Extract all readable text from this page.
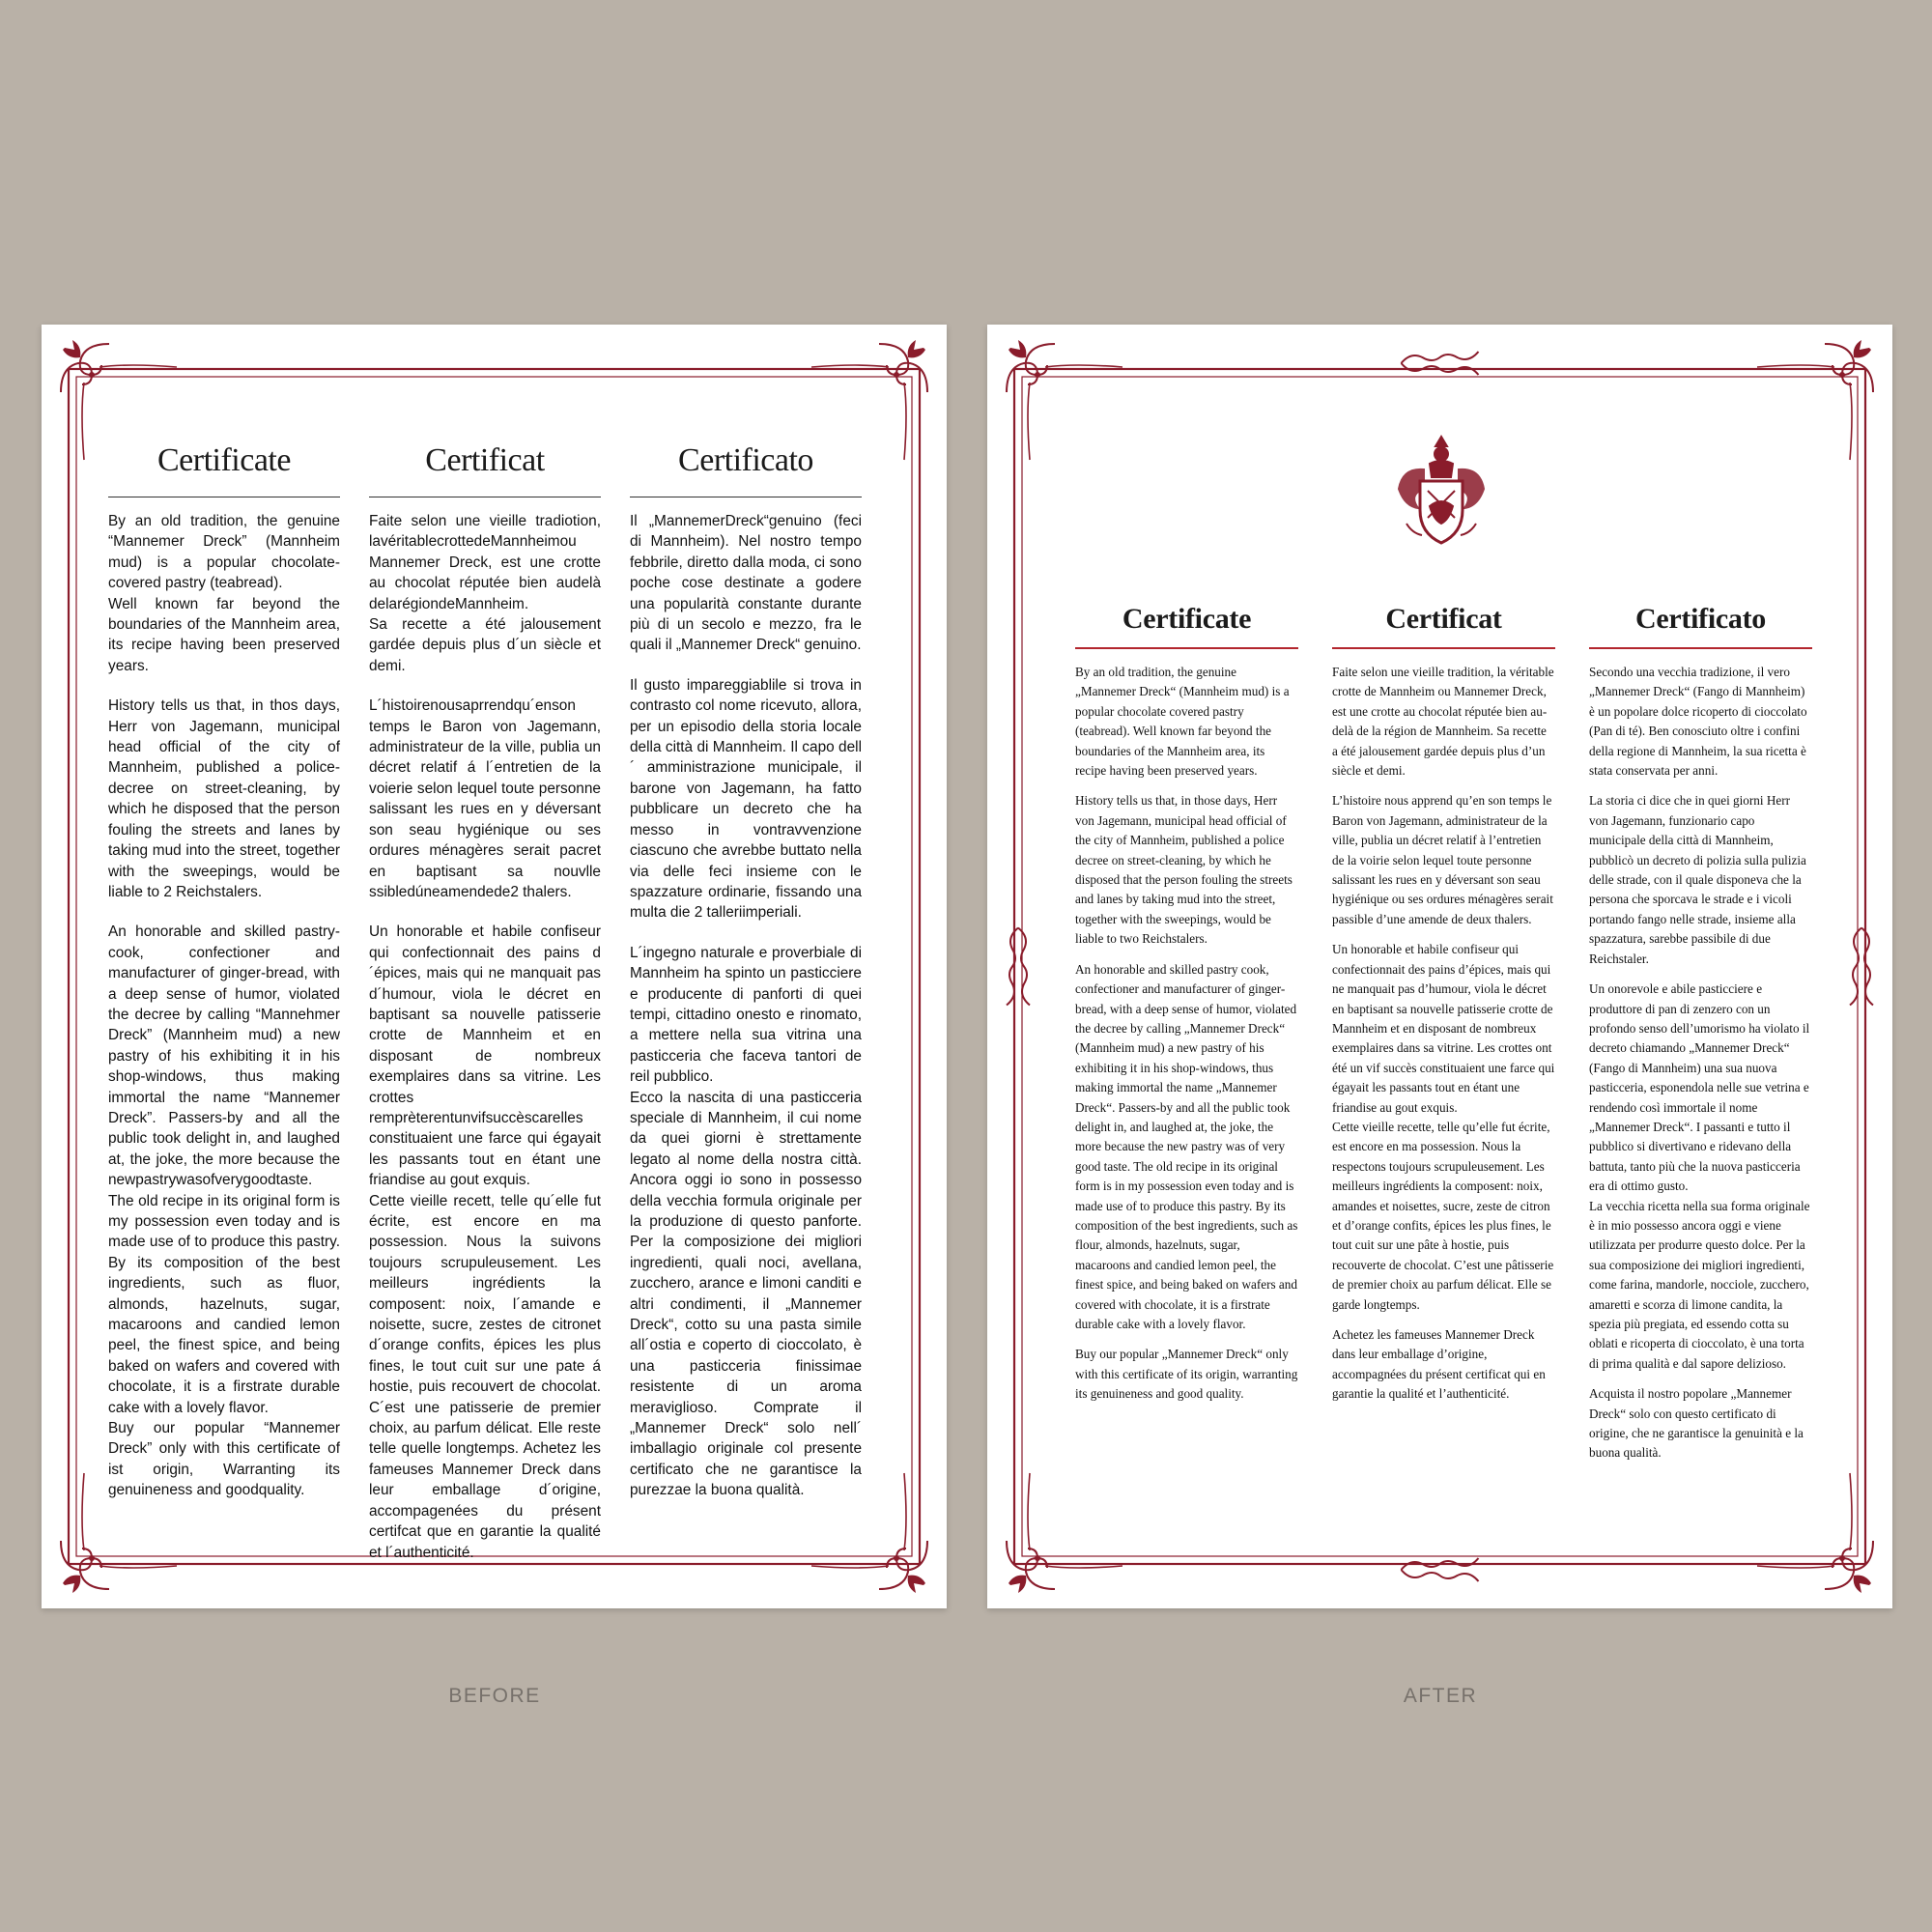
Certificate

By an old tradition, the genuine “Mannemer Dreck” (Mannheim mud) is a popular chocolate-covered pastry (teabread).
Well known far beyond the boundaries of the Mannheim area, its recipe having been preserved years.

History tells us that, in thos days, Herr von Jagemann, municipal head official of the city of Mannheim, published a police-decree on street-cleaning, by which he disposed that the person fouling the streets and lanes by taking mud into the street, together with the sweepings, would be liable to 2 Reichstalers.

An honorable and skilled pastry-cook, confectioner and manufacturer of ginger-bread, with a deep sense of humor, violated the decree by calling “Mannehmer Dreck” (Mannheim mud) a new pastry of his exhibiting it in his shop-windows, thus making immortal the name “Mannemer Dreck”. Passers-by and all the public took delight in, and laughed at, the joke, the more because the newpastrywasofverygoodtaste.
The old recipe in its original form is my possession even today and is made use of to produce this pastry. By its composition of the best ingredients, such as fluor, almonds, hazelnuts, sugar, macaroons and candied lemon peel, the finest spice, and being baked on wafers and covered with chocolate, it is a firstrate durable cake with a lovely flavor.
Buy our popular “Mannemer Dreck” only with this certificate of ist origin, Warranting its genuineness and goodquality.

Certificat

Faite selon une vieille tradiotion, lavéritablecrottedeMannheimou Mannemer Dreck, est une crotte au chocolat réputée bien audelà delarégiondeMannheim.
Sa recette a été jalousement gardée depuis plus d´un siècle et demi.

L´histoirenousaprrendqu´enson temps le Baron von Jagemann, administrateur de la ville, publia un décret relatif á l´entretien de la voierie selon lequel toute personne salissant les rues en y déversant son seau hygiénique ou ses ordures ménagères serait pacret en baptisant sa nouvlle ssibledúneamendede2 thalers.

Un honorable et habile confiseur qui confectionnait des pains d´épices, mais qui ne manquait pas d´humour, viola le décret en baptisant sa nouvelle patisserie crotte de Mannheim et en disposant de nombreux exemplaires dans sa vitrine. Les crottes remprèterentunvifsuccèscarelles constituaient une farce qui égayait les passants tout en étant une friandise au gout exquis.
Cette vieille recett, telle qu´elle fut écrite, est encore en ma possession. Nous la suivons toujours scrupuleusement. Les meilleurs ingrédients la composent: noix, l´amande e noisette, sucre, zestes de citronet d´orange confits, épices les plus fines, le tout cuit sur une pate á hostie, puis recouvert de chocolat. C´est une patisserie de premier choix, au parfum délicat. Elle reste telle quelle longtemps. Achetez les fameuses Mannemer Dreck dans leur emballage d´origine, accompagenées du présent certifcat que en garantie la qualité et l´authenticité.

Certificato

Il „MannemerDreck“genuino (feci di Mannheim). Nel nostro tempo febbrile, diretto dalla moda, ci sono poche cose destinate a godere una popularità constante durante più di un secolo e mezzo, fra le quali il „Mannemer Dreck“ genuino.

Il gusto impareggiablile si trova in contrasto col nome ricevuto, allora, per un episodio della storia locale della città di Mannheim. Il capo dell´ amministrazione municipale, il barone von Jagemann, ha fatto pubblicare un decreto che ha messo in vontravvenzione ciascuno che avrebbe buttato nella via delle feci insieme con le spazzature ordinarie, fissando una multa die 2 talleriimperiali.

L´ingegno naturale e proverbiale di Mannheim ha spinto un pasticciere e producente di panforti di quei tempi, cittadino onesto e rinomato, a mettere nella sua vitrina una pasticceria che faceva tantori de reil pubblico.
Ecco la nascita di una pasticceria speciale di Mannheim, il cui nome da quei giorni è strettamente legato al nome della nostra città. Ancora oggi io sono in possesso della vecchia formula originale per la produzione di questo panforte. Per la composizione dei migliori ingredienti, quali noci, avellana, zucchero, arance e limoni canditi e altri condimenti, il „Mannemer Dreck“, cotto su una pasta simile all´ostia e coperto di cioccolato, è una pasticceria finissimae resistente di un aroma meraviglioso. Comprate il „Mannemer Dreck“ solo nell´ imballagio originale col presente certificato che ne garantisce la purezzae la buona qualità.

Certificate

By an old tradition, the genuine „Mannemer Dreck“ (Mannheim mud) is a popular chocolate covered pastry (teabread). Well known far beyond the boundaries of the Mannheim area, its recipe having been preserved years.

History tells us that, in those days, Herr von Jagemann, municipal head official of the city of Mannheim, published a police decree on street-cleaning, by which he disposed that the person fouling the streets and lanes by taking mud into the street, together with the sweepings, would be liable to two Reichstalers.

An honorable and skilled pastry cook, confectioner and manufacturer of ginger-bread, with a deep sense of humor, violated the decree by calling „Mannemer Dreck“ (Mannheim mud) a new pastry of his exhibiting it in his shop-windows, thus making immortal the name „Mannemer Dreck“. Passers-by and all the public took delight in, and laughed at, the joke, the more because the new pastry was of very good taste. The old recipe in its original form is in my possession even today and is made use of to produce this pastry. By its composition of the best ingredients, such as flour, almonds, hazelnuts, sugar, macaroons and candied lemon peel, the finest spice, and being baked on wafers and covered with chocolate, it is a firstrate durable cake with a lovely flavor.

Buy our popular „Mannemer Dreck“ only with this certificate of its origin, warranting its genuineness and good quality.

Certificat

Faite selon une vieille tradition, la véritable crotte de Mannheim ou Mannemer Dreck, est une crotte au chocolat réputée bien au-delà de la région de Mannheim. Sa recette a été jalousement gardée depuis plus d’un siècle et demi.

L’histoire nous apprend qu’en son temps le Baron von Jagemann, administrateur de la ville, publia un décret relatif à l’entretien de la voirie selon lequel toute personne salissant les rues en y déversant son seau hygiénique ou ses ordures ménagères serait passible d’une amende de deux thalers.

Un honorable et habile confiseur qui confectionnait des pains d’épices, mais qui ne manquait pas d’humour, viola le décret en baptisant sa nouvelle patisserie crotte de Mannheim et en disposant de nombreux exemplaires dans sa vitrine. Les crottes ont été un vif succès constituaient une farce qui égayait les passants tout en étant une friandise au gout exquis.
Cette vieille recette, telle qu’elle fut écrite, est encore en ma possession. Nous la respectons toujours scrupuleusement. Les meilleurs ingrédients la composent: noix, amandes et noisettes, sucre, zeste de citron et d’orange confits, épices les plus fines, le tout cuit sur une pâte à hostie, puis recouverte de chocolat. C’est une pâtisserie de premier choix au parfum délicat. Elle se garde longtemps.

Achetez les fameuses Mannemer Dreck dans leur emballage d’origine, accompagnées du présent certificat qui en garantie la qualité et l’authenticité.

Certificato

Secondo una vecchia tradizione, il vero „Mannemer Dreck“ (Fango di Mannheim) è un popolare dolce ricoperto di cioccolato (Pan di té). Ben conosciuto oltre i confini della regione di Mannheim, la sua ricetta è stata conservata per anni.

La storia ci dice che in quei giorni Herr von Jagemann, funzionario capo municipale della città di Mannheim, pubblicò un decreto di polizia sulla pulizia delle strade, con il quale disponeva che la persona che sporcava le strade e i vicoli portando fango nelle strade, insieme alla spazzatura, sarebbe passibile di due Reichstaler.

Un onorevole e abile pasticciere e produttore di pan di zenzero con un profondo senso dell’umorismo ha violato il decreto chiamando „Mannemer Dreck“ (Fango di Mannheim) una sua nuova pasticceria, esponendola nelle sue vetrina e rendendo così immortale il nome „Mannemer Dreck“. I passanti e tutto il pubblico si divertivano e ridevano della battuta, tanto più che la nuova pasticceria era di ottimo gusto.
La vecchia ricetta nella sua forma originale è in mio possesso ancora oggi e viene utilizzata per produrre questo dolce. Per la sua composizione dei migliori ingredienti, come farina, mandorle, nocciole, zucchero, amaretti e scorza di limone candita, la spezia più pregiata, ed essendo cotta su oblati e ricoperta di cioccolato, è una torta di prima qualità e dal sapore delizioso.

Acquista il nostro popolare „Mannemer Dreck“ solo con questo certificato di origine, che ne garantisce la genuinità e la buona qualità.

BEFORE	AFTER
